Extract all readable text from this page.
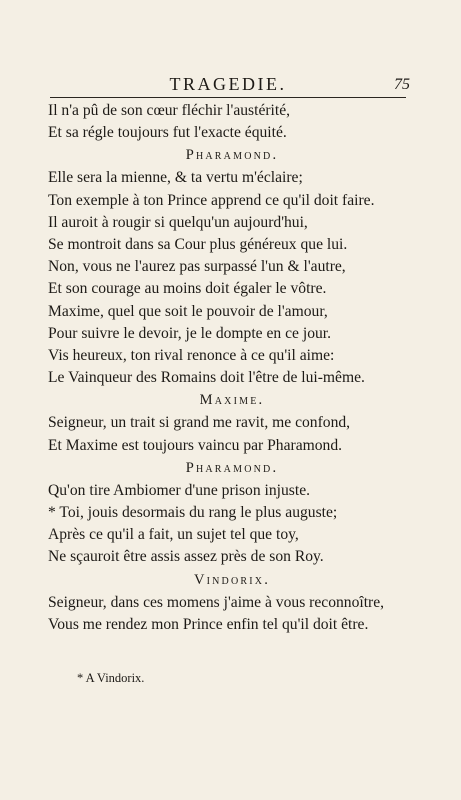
TRAGEDIE.	75

Il n'a pû de son cœur fléchir l'austérité,

Et sa régle toujours fut l'exacte équité.

Pharamond.

Elle sera la mienne, & ta vertu m'éclaire;

Ton exemple à ton Prince apprend ce qu'il doit faire.

Il auroit à rougir si quelqu'un aujourd'hui,

Se montroit dans sa Cour plus généreux que lui.

Non, vous ne l'aurez pas surpassé l'un & l'autre,

Et son courage au moins doit égaler le vôtre.

Maxime, quel que soit le pouvoir de l'amour,

Pour suivre le devoir, je le dompte en ce jour.

Vis heureux, ton rival renonce à ce qu'il aime:

Le Vainqueur des Romains doit l'être de lui-même.

Maxime.

Seigneur, un trait si grand me ravit, me confond,

Et Maxime est toujours vaincu par Pharamond.

Pharamond.

Qu'on tire Ambiomer d'une prison injuste.

* Toi, jouis desormais du rang le plus auguste;

Après ce qu'il a fait, un sujet tel que toy,

Ne sçauroit être assis assez près de son Roy.

Vindorix.

Seigneur, dans ces momens j'aime à vous reconnoître,

Vous me rendez mon Prince enfin tel qu'il doit être.

* A Vindorix.
